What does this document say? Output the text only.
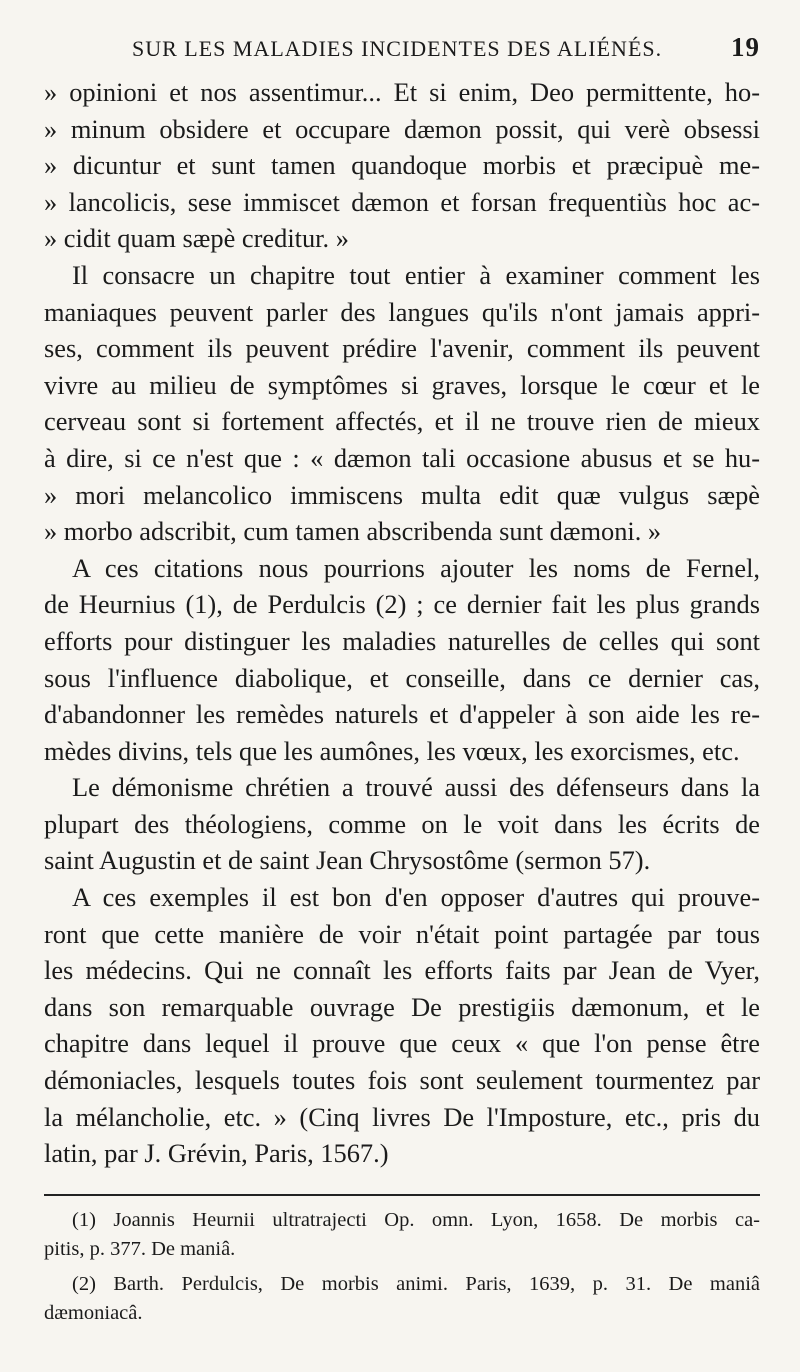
SUR LES MALADIES INCIDENTES DES ALIÉNÉS.	19
» opinioni et nos assentimur... Et si enim, Deo permittente, ho-
» minum obsidere et occupare dæmon possit, qui verè obsessi
» dicuntur et sunt tamen quandoque morbis et præcipuè me-
» lancolicis, sese immiscet dæmon et forsan frequentiùs hoc ac-
» cidit quam sæpè creditur. »
Il consacre un chapitre tout entier à examiner comment les
maniaques peuvent parler des langues qu'ils n'ont jamais appri-
ses, comment ils peuvent prédire l'avenir, comment ils peuvent
vivre au milieu de symptômes si graves, lorsque le cœur et le
cerveau sont si fortement affectés, et il ne trouve rien de mieux
à dire, si ce n'est que : « dæmon tali occasione abusus et se hu-
» mori melancolico immiscens multa edit quæ vulgus sæpè
» morbo adscribit, cum tamen abscribenda sunt dæmoni. »
A ces citations nous pourrions ajouter les noms de Fernel,
de Heurnius (1), de Perdulcis (2) ; ce dernier fait les plus grands
efforts pour distinguer les maladies naturelles de celles qui sont
sous l'influence diabolique, et conseille, dans ce dernier cas,
d'abandonner les remèdes naturels et d'appeler à son aide les re-
mèdes divins, tels que les aumônes, les vœux, les exorcismes, etc.
Le démonisme chrétien a trouvé aussi des défenseurs dans la
plupart des théologiens, comme on le voit dans les écrits de
saint Augustin et de saint Jean Chrysostôme (sermon 57).
A ces exemples il est bon d'en opposer d'autres qui prouve-
ront que cette manière de voir n'était point partagée par tous
les médecins. Qui ne connaît les efforts faits par Jean de Vyer,
dans son remarquable ouvrage De prestigiis dæmonum, et le
chapitre dans lequel il prouve que ceux « que l'on pense être
démoniacles, lesquels toutes fois sont seulement tourmentez par
la mélancholie, etc. » (Cinq livres De l'Imposture, etc., pris du
latin, par J. Grévin, Paris, 1567.)
(1) Joannis Heurnii ultratrajecti Op. omn. Lyon, 1658. De morbis ca-
pitis, p. 377. De maniâ.
(2) Barth. Perdulcis, De morbis animi. Paris, 1639, p. 31. De maniâ
dæmoniacâ.
